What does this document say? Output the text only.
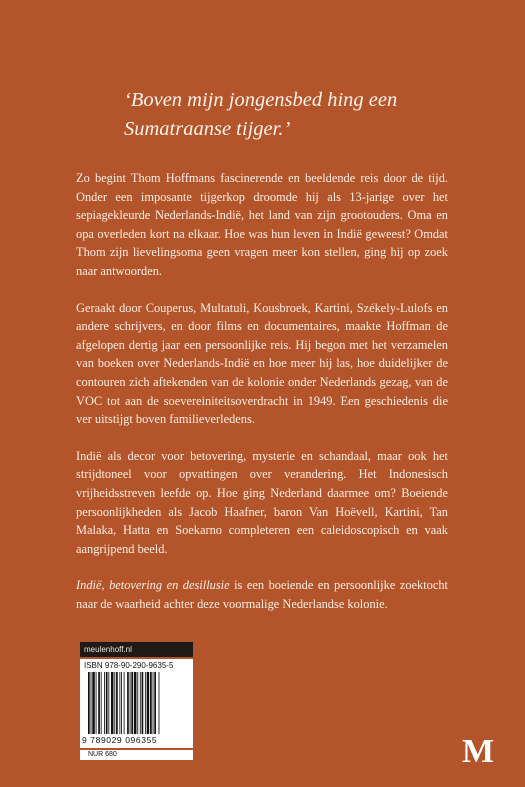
‘Boven mijn jongensbed hing een
Sumatraanse tijger.’

Zo begint Thom Hoffmans fascinerende en beeldende reis door de tijd. Onder een imposante tijgerkop droomde hij als 13-jarige over het sepiagekleurde Nederlands-Indië, het land van zijn grootouders. Oma en opa overleden kort na elkaar. Hoe was hun leven in Indië geweest? Omdat Thom zijn lievelingsoma geen vragen meer kon stellen, ging hij op zoek naar antwoorden.

Geraakt door Couperus, Multatuli, Kousbroek, Kartini, Székely-Lulofs en andere schrijvers, en door films en documentaires, maakte Hoffman de afgelopen dertig jaar een persoonlijke reis. Hij begon met het verzamelen van boeken over Nederlands-Indië en hoe meer hij las, hoe duidelijker de contouren zich aftekenden van de kolonie onder Nederlands gezag, van de VOC tot aan de soevereiniteitsoverdracht in 1949. Een geschiedenis die ver uitstijgt boven familieverledens.

Indië als decor voor betovering, mysterie en schandaal, maar ook het strijdtoneel voor opvattingen over verandering. Het Indonesisch vrijheidsstreven leefde op. Hoe ging Nederland daarmee om? Boeiende persoonlijkheden als Jacob Haafner, baron Van Hoëvell, Kartini, Tan Malaka, Hatta en Soekarno completeren een caleidoscopisch en vaak aangrijpend beeld.

Indië, betovering en desillusie is een boeiende en persoonlijke zoektocht naar de waarheid achter deze voormalige Nederlandse kolonie.

meulenhoff.nl
ISBN 978-90-290-9635-5
9 789029 096355
NUR 680	M
